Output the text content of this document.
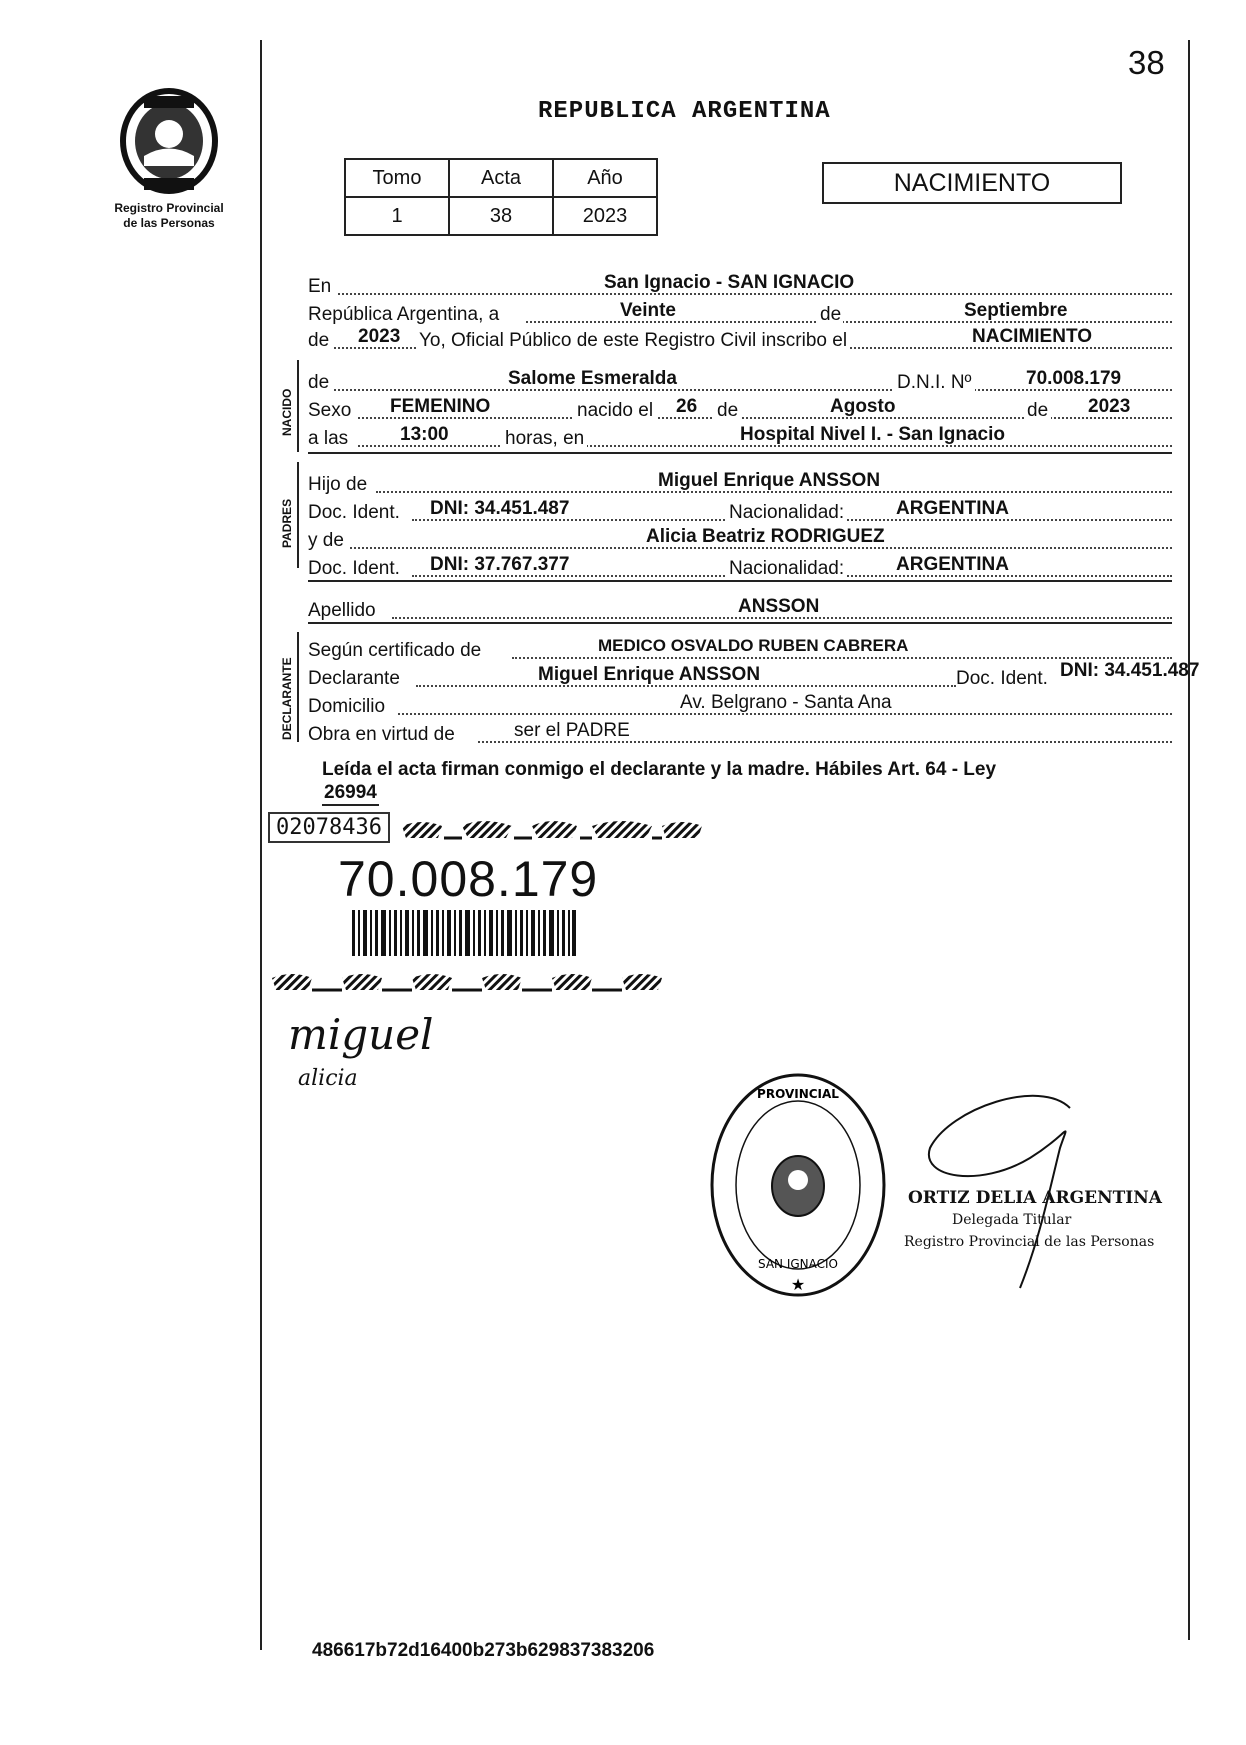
38
Registro Provincial
de las Personas
REPUBLICA ARGENTINA
Tomo	Acta	Año
1	38	2023
NACIMIENTO
En	San Ignacio - SAN IGNACIO
República Argentina, a	Veinte	de	Septiembre
de 2023 Yo, Oficial Público de este Registro Civil inscribo el	NACIMIENTO
NACIDO
de	Salome Esmeralda	D.N.I. Nº	70.008.179
Sexo FEMENINO	nacido el 26 de	Agosto	de 2023
a las	13:00	horas, en	Hospital Nivel I. - San Ignacio
PADRES
Hijo de	Miguel Enrique ANSSON
Doc. Ident. DNI: 34.451.487	Nacionalidad:	ARGENTINA
y de	Alicia Beatriz RODRIGUEZ
Doc. Ident. DNI: 37.767.377	Nacionalidad:	ARGENTINA
Apellido	ANSSON
DECLARANTE
Según certificado de	MEDICO OSVALDO RUBEN CABRERA
Declarante	Miguel Enrique ANSSON	Doc. Ident. DNI: 34.451.487
Domicilio	Av. Belgrano - Santa Ana
Obra en virtud de	ser el PADRE
Leída el acta firman conmigo el declarante y la madre. Hábiles Art. 64 - Ley
26994
02078436
70.008.179
miguel
alicia
PROVINCIAL
SAN IGNACIO
★
ORTIZ DELIA ARGENTINA
Delegada Titular
Registro Provincial de las Personas
486617b72d16400b273b629837383206
